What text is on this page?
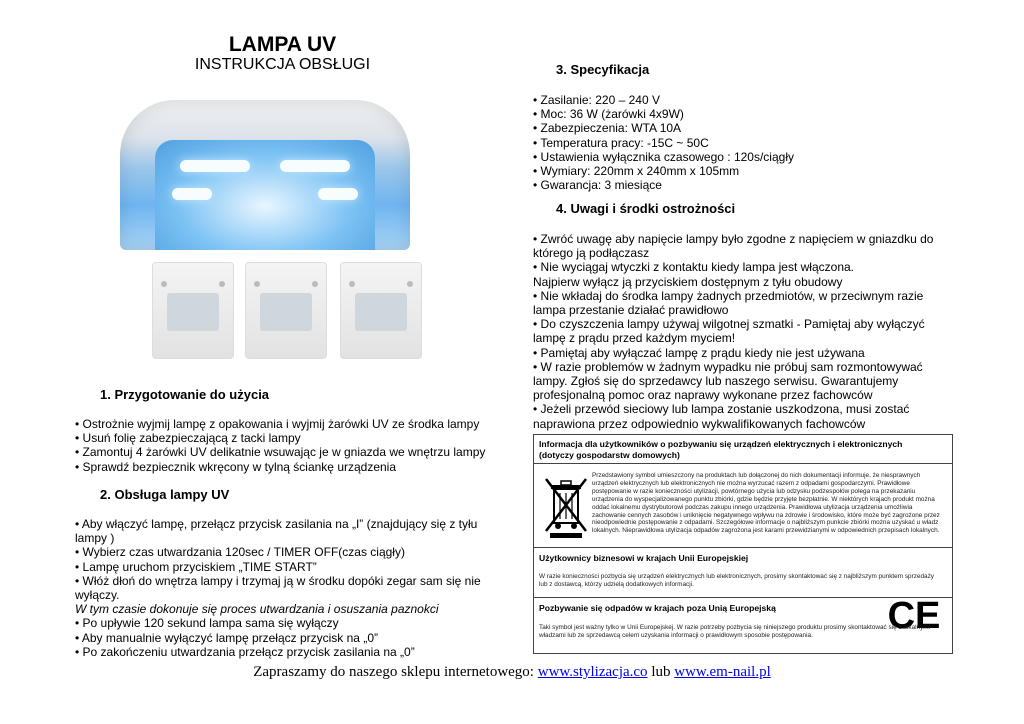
LAMPA UV
INSTRUKCJA OBSŁUGI
1. Przygotowanie do użycia
• Ostrożnie wyjmij lampę z opakowania i wyjmij żarówki UV ze środka lampy
• Usuń folię zabezpieczającą z tacki lampy
• Zamontuj 4 żarówki UV delikatnie wsuwając je w gniazda we wnętrzu lampy
• Sprawdź bezpiecznik wkręcony w tylną ściankę urządzenia
2. Obsługa lampy UV
• Aby włączyć lampę, przełącz przycisk zasilania na „I” (znajdujący się z tyłu
lampy )
• Wybierz czas utwardzania 120sec / TIMER OFF(czas ciągły)
• Lampę uruchom przyciskiem „TIME START”
• Włóż dłoń do wnętrza lampy i trzymaj ją w środku dopóki zegar sam się nie
wyłączy.
W tym czasie dokonuje się proces utwardzania i osuszania paznokci
• Po upływie 120 sekund lampa sama się wyłączy
• Aby manualnie wyłączyć lampę przełącz przycisk na „0”
• Po zakończeniu utwardzania przełącz przycisk zasilania na „0”
3. Specyfikacja
• Zasilanie: 220 – 240 V
• Moc: 36 W (żarówki 4x9W)
• Zabezpieczenia: WTA 10A
• Temperatura pracy: -15C ~ 50C
• Ustawienia wyłącznika czasowego : 120s/ciągły
• Wymiary: 220mm x 240mm x 105mm
• Gwarancja: 3 miesiące
4. Uwagi i środki ostrożności
• Zwróć uwagę aby napięcie lampy było zgodne z napięciem w gniazdku do
którego ją podłączasz
• Nie wyciągaj wtyczki z kontaktu kiedy lampa jest włączona.
Najpierw wyłącz ją przyciskiem dostępnym z tyłu obudowy
• Nie wkładaj do środka lampy żadnych przedmiotów, w przeciwnym razie
lampa przestanie działać prawidłowo
• Do czyszczenia lampy używaj wilgotnej szmatki - Pamiętaj aby wyłączyć
lampę z prądu przed każdym myciem!
• Pamiętaj aby wyłączać lampę z prądu kiedy nie jest używana
• W razie problemów w żadnym wypadku nie próbuj sam rozmontowywać
lampy. Zgłoś się do sprzedawcy lub naszego serwisu. Gwarantujemy
profesjonalną pomoc oraz naprawy wykonane przez fachowców
• Jeżeli przewód sieciowy lub lampa zostanie uszkodzona, musi zostać
naprawiona przez odpowiednio wykwalifikowanych fachowców
Informacja dla użytkowników o pozbywaniu się urządzeń elektrycznych i elektronicznych (dotyczy gospodarstw domowych)
Przedstawiony symbol umieszczony na produktach lub dołączonej do nich dokumentacji informuje, że niesprawnych urządzeń elektrycznych lub elektronicznych nie można wyrzucać razem z odpadami gospodarczymi. Prawidłowe postępowanie w razie konieczności utylizacji, powtórnego użycia lub odzysku podzespołów polega na przekazaniu urządzenia do wyspecjalizowanego punktu zbiórki, gdzie będzie przyjęte bezpłatnie. W niektórych krajach produkt można oddać lokalnemu dystrybutorowi podczas zakupu innego urządzenia. Prawidłowa utylizacja urządzenia umożliwia zachowanie cennych zasobów i uniknięcie negatywnego wpływu na zdrowie i środowisko, które może być zagrożone przez nieodpowiednie postępowanie z odpadami. Szczegółowe informacje o najbliższym punkcie zbiórki można uzyskać u władz lokalnych. Nieprawidłowa utylizacja odpadów zagrożona jest karami przewidzianymi w odpowiednich przepisach lokalnych.
Użytkownicy biznesowi w krajach Unii Europejskiej
W razie konieczności pozbycia się urządzeń elektrycznych lub elektronicznych, prosimy skontaktować się z najbliższym punktem sprzedaży lub z dostawcą, którzy udzielą dodatkowych informacji.
Pozbywanie się odpadów w krajach poza Unią Europejską	CE
Taki symbol jest ważny tylko w Unii Europejskej. W razie potrzeby pozbycia się niniejszego produktu prosimy skontaktować się z lokalnymi władzami lub ze sprzedawcą celem uzyskania informacji o prawidłowym sposobie postępowania.
Zapraszamy do naszego sklepu internetowego: www.stylizacja.co lub www.em-nail.pl
